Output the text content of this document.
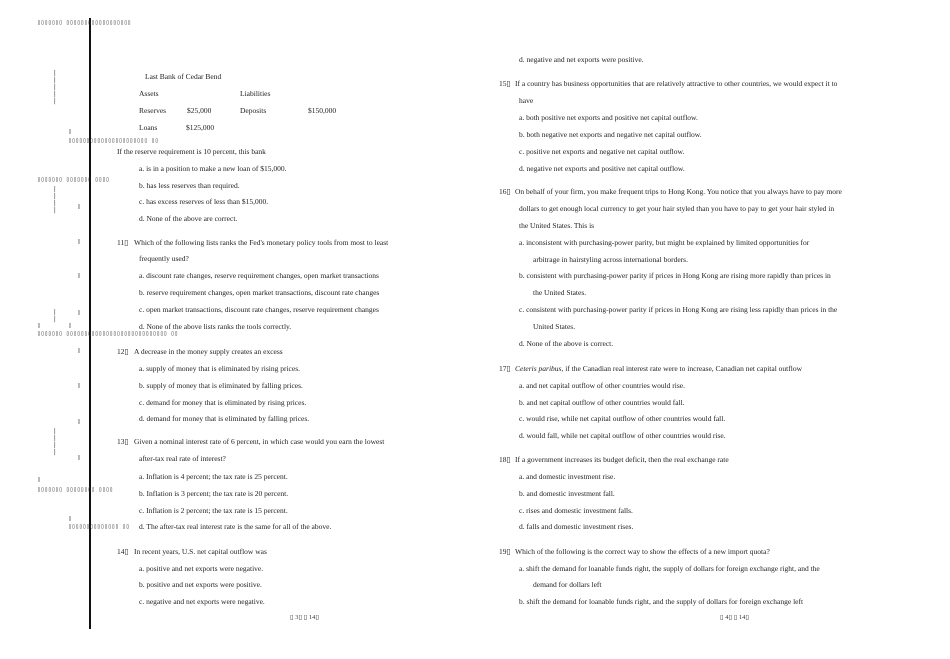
▯▯▯▯▯▯▯ ▯▯▯▯▯▯▯▯▯▯▯▯▯▯▯▯▯▯
|
|
|
|
|
▯
▯▯▯▯▯▯▯▯▯▯▯▯▯▯▯▯▯▯▯▯▯▯ ▯▯
▯▯▯▯▯▯▯ ▯▯▯▯▯▯▯ ▯▯▯▯
|
|
|
|
▯
▯
▯
|
|
▯
▯	▯
▯▯▯▯▯▯▯ ▯▯▯▯▯▯▯▯▯▯▯▯▯▯▯▯▯▯▯▯▯▯▯▯▯▯▯▯ ▯▯
▯
▯
▯
|
|
|
|
▯
▯
▯▯▯▯▯▯▯ ▯▯▯▯▯▯▯▯ ▯▯▯▯
▯
▯▯▯▯▯▯▯▯▯▯▯▯▯▯ ▯▯
Last Bank of Cedar Bend
Assets	Liabilities
Reserves	$25,000	Deposits	$150,000
Loans	$125,000
If the reserve requirement is 10 percent, this bank
a. is in a position to make a new loan of $15,000.
b. has less reserves than required.
c. has excess reserves of less than $15,000.
d. None of the above are correct.
11▯ Which of the following lists ranks the Fed's monetary policy tools from most to least
frequently used?
a. discount rate changes, reserve requirement changes, open market transactions
b. reserve requirement changes, open market transactions, discount rate changes
c. open market transactions, discount rate changes, reserve requirement changes
d. None of the above lists ranks the tools correctly.
12▯ A decrease in the money supply creates an excess
a. supply of money that is eliminated by rising prices.
b. supply of money that is eliminated by falling prices.
c. demand for money that is eliminated by rising prices.
d. demand for money that is eliminated by falling prices.
13▯ Given a nominal interest rate of 6 percent, in which case would you earn the lowest
after-tax real rate of interest?
a. Inflation is 4 percent; the tax rate is 25 percent.
b. Inflation is 3 percent; the tax rate is 20 percent.
c. Inflation is 2 percent; the tax rate is 15 percent.
d. The after-tax real interest rate is the same for all of the above.
14▯ In recent years, U.S. net capital outflow was
a. positive and net exports were negative.
b. positive and net exports were positive.
c. negative and net exports were negative.
▯ 3▯ ▯ 14▯
d. negative and net exports were positive.
15▯ If a country has business opportunities that are relatively attractive to other countries, we would expect it to
have
a. both positive net exports and positive net capital outflow.
b. both negative net exports and negative net capital outflow.
c. positive net exports and negative net capital outflow.
d. negative net exports and positive net capital outflow.
16▯ On behalf of your firm, you make frequent trips to Hong Kong. You notice that you always have to pay more
dollars to get enough local currency to get your hair styled than you have to pay to get your hair styled in
the United States. This is
a. inconsistent with purchasing-power parity, but might be explained by limited opportunities for
arbitrage in hairstyling across international borders.
b. consistent with purchasing-power parity if prices in Hong Kong are rising more rapidly than prices in
the United States.
c. consistent with purchasing-power parity if prices in Hong Kong are rising less rapidly than prices in the
United States.
d. None of the above is correct.
17▯ Ceteris paribus, if the Canadian real interest rate were to increase, Canadian net capital outflow
a. and net capital outflow of other countries would rise.
b. and net capital outflow of other countries would fall.
c. would rise, while net capital outflow of other countries would fall.
d. would fall, while net capital outflow of other countries would rise.
18▯ If a government increases its budget deficit, then the real exchange rate
a. and domestic investment rise.
b. and domestic investment fall.
c. rises and domestic investment falls.
d. falls and domestic investment rises.
19▯ Which of the following is the correct way to show the effects of a new import quota?
a. shift the demand for loanable funds right, the supply of dollars for foreign exchange right, and the
demand for dollars left
b. shift the demand for loanable funds right, and the supply of dollars for foreign exchange left
▯ 4▯ ▯ 14▯
